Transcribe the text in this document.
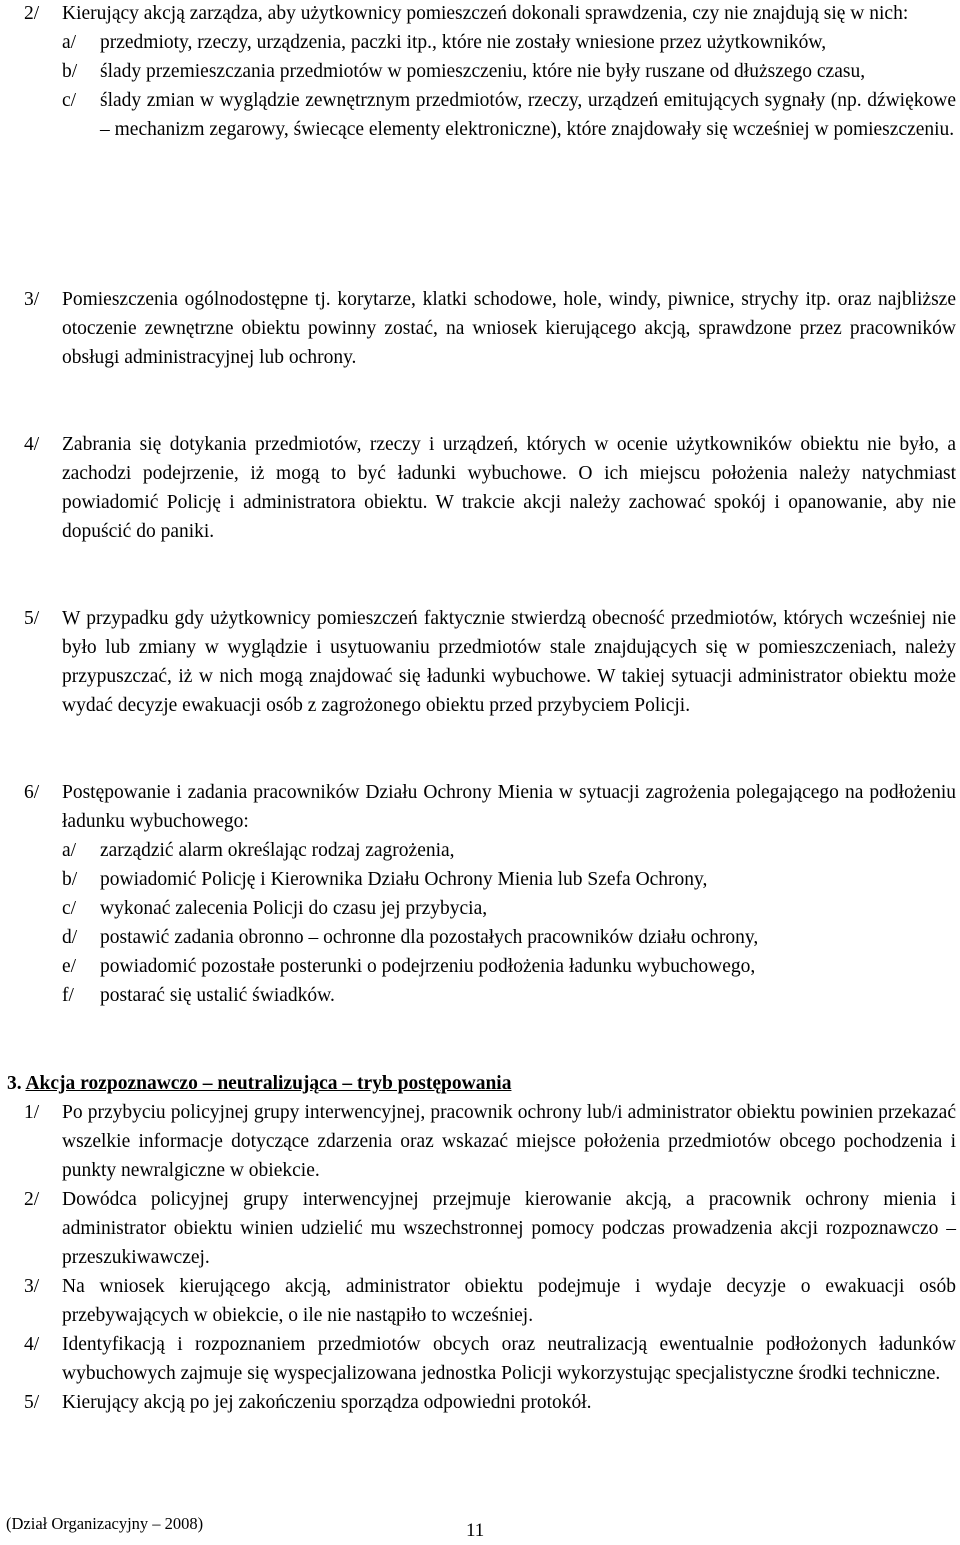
2/ Kierujący akcją zarządza, aby użytkownicy pomieszczeń dokonali sprawdzenia, czy nie znajdują się w nich:
a/ przedmioty, rzeczy, urządzenia, paczki itp., które nie zostały wniesione przez użytkowników,
b/ ślady przemieszczania przedmiotów w pomieszczeniu, które nie były ruszane od dłuższego czasu,
c/ ślady zmian w wyglądzie zewnętrznym przedmiotów, rzeczy, urządzeń emitujących sygnały (np. dźwiękowe – mechanizm zegarowy, świecące elementy elektroniczne), które znajdowały się wcześniej w pomieszczeniu.
3/ Pomieszczenia ogólnodostępne tj. korytarze, klatki schodowe, hole, windy, piwnice, strychy itp. oraz najbliższe otoczenie zewnętrzne obiektu powinny zostać, na wniosek kierującego akcją, sprawdzone przez pracowników obsługi administracyjnej lub ochrony.
4/ Zabrania się dotykania przedmiotów, rzeczy i urządzeń, których w ocenie użytkowników obiektu nie było, a zachodzi podejrzenie, iż mogą to być ładunki wybuchowe. O ich miejscu położenia należy natychmiast powiadomić Policję i administratora obiektu. W trakcie akcji należy zachować spokój i opanowanie, aby nie dopuścić do paniki.
5/ W przypadku gdy użytkownicy pomieszczeń faktycznie stwierdzą obecność przedmiotów, których wcześniej nie było lub zmiany w wyglądzie i usytuowaniu przedmiotów stale znajdujących się w pomieszczeniach, należy przypuszczać, iż w nich mogą znajdować się ładunki wybuchowe. W takiej sytuacji administrator obiektu może wydać decyzje ewakuacji osób z zagrożonego obiektu przed przybyciem Policji.
6/ Postępowanie i zadania pracowników Działu Ochrony Mienia w sytuacji zagrożenia polegającego na podłożeniu ładunku wybuchowego:
a/ zarządzić alarm określając rodzaj zagrożenia,
b/ powiadomić Policję i Kierownika Działu Ochrony Mienia lub Szefa Ochrony,
c/ wykonać zalecenia Policji do czasu jej przybycia,
d/ postawić zadania obronno – ochronne dla pozostałych pracowników działu ochrony,
e/ powiadomić pozostałe posterunki o podejrzeniu podłożenia ładunku wybuchowego,
f/ postarać się ustalić świadków.
3. Akcja rozpoznawczo – neutralizująca – tryb postępowania
1/ Po przybyciu policyjnej grupy interwencyjnej, pracownik ochrony lub/i administrator obiektu powinien przekazać wszelkie informacje dotyczące zdarzenia oraz wskazać miejsce położenia przedmiotów obcego pochodzenia i punkty newralgiczne w obiekcie.
2/ Dowódca policyjnej grupy interwencyjnej przejmuje kierowanie akcją, a pracownik ochrony mienia i administrator obiektu winien udzielić mu wszechstronnej pomocy podczas prowadzenia akcji rozpoznawczo – przeszukiwawczej.
3/ Na wniosek kierującego akcją, administrator obiektu podejmuje i wydaje decyzje o ewakuacji osób przebywających w obiekcie, o ile nie nastąpiło to wcześniej.
4/ Identyfikacją i rozpoznaniem przedmiotów obcych oraz neutralizacją ewentualnie podłożonych ładunków wybuchowych zajmuje się wyspecjalizowana jednostka Policji wykorzystując specjalistyczne środki techniczne.
5/ Kierujący akcją po jej zakończeniu sporządza odpowiedni protokół.
(Dział Organizacyjny – 2008)	11
